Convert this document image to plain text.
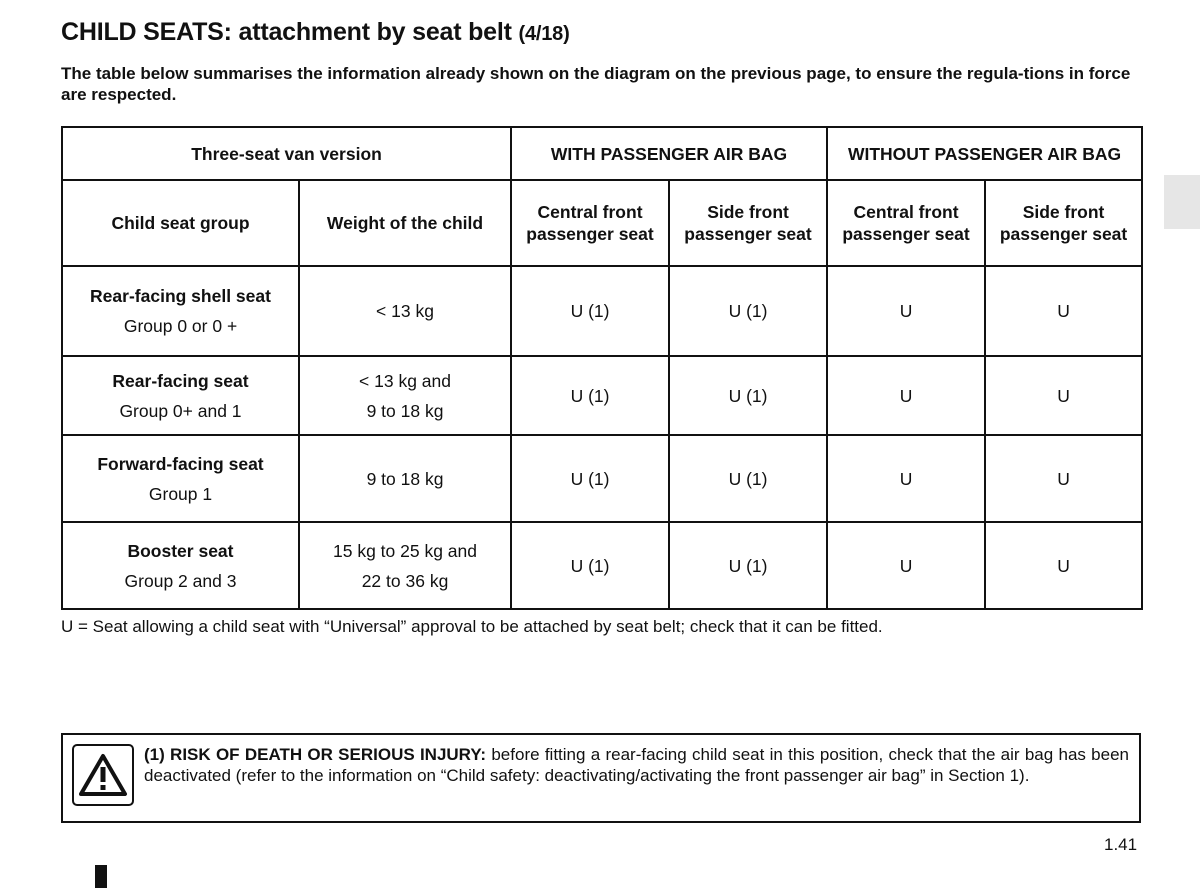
CHILD SEATS: attachment by seat belt (4/18)
The table below summarises the information already shown on the diagram on the previous page, to ensure the regula-tions in force are respected.
Three-seat van version		WITH PASSENGER AIR BAG		WITHOUT PASSENGER AIR BAG	
Child seat group	Weight of the child	Central front passenger seat	Side front passenger seat	Central front passenger seat	Side front passenger seat

Rear-facing shell seat
Group 0 or 0 +	< 13 kg	U (1)	U (1)	U	U

Rear-facing seat
Group 0+ and 1	< 13 kg and
9 to 18 kg	U (1)	U (1)	U	U

Forward-facing seat
Group 1	9 to 18 kg	U (1)	U (1)	U	U

Booster seat
Group 2 and 3	15 kg to 25 kg and
22 to 36 kg	U (1)	U (1)	U	U
U = Seat allowing a child seat with “Universal” approval to be attached by seat belt; check that it can be fitted.
(1) RISK OF DEATH OR SERIOUS INJURY: before fitting a rear-facing child seat in this position, check that the air bag has been deactivated (refer to the information on “Child safety: deactivating/activating the front passenger air bag” in Section 1).
1.41
